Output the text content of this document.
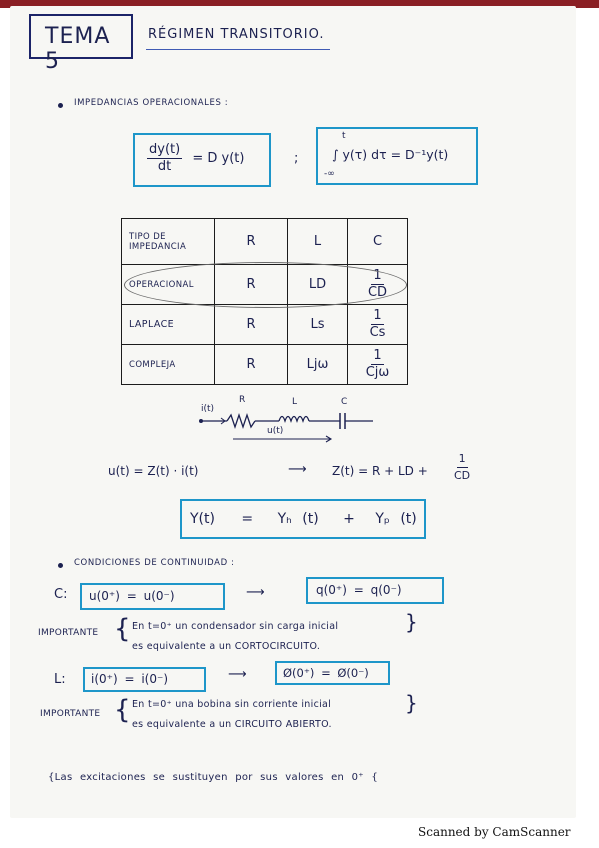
TEMA 5
RÉGIMEN TRANSITORIO.
IMPEDANCIAS OPERACIONALES :
$\frac{dy(t)}{dt} = D$ y(t)	;
t
-∞
∫ y(τ) dτ = D⁻¹y(t)
TIPO DE IMPEDANCIA	R	L	C
OPERACIONAL	R	LD	$\frac{1}{CD}$

LAPLACE	R	Ls	$\frac{1}{Cs}$

COMPLEJA	R	Ljω	$\frac{1}{\text{Cjω}}$
i(t)
R	L	C
u(t)
u(t) = Z(t) · i(t)	⟶ Z(t) = R + LD + $\frac{1}{CD}$
Y(t) = Yₕ (t) + Yₚ (t)
CONDICIONES DE CONTINUIDAD :
C: u(0⁺) = u(0⁻)	⟶	q(0⁺) = q(0⁻)
IMPORTANTE { En t=0⁺ un condensador sin carga inicial
es equivalente a un CORTOCIRCUITO.
}
L: i(0⁺) = i(0⁻)	⟶	Ø(0⁺) = Ø(0⁻)
IMPORTANTE { En t=0⁺ una bobina sin corriente inicial
es equivalente a un CIRCUITO ABIERTO.
}
{Las excitaciones se sustituyen por sus valores en 0⁺ {
Scanned by CamScanner
